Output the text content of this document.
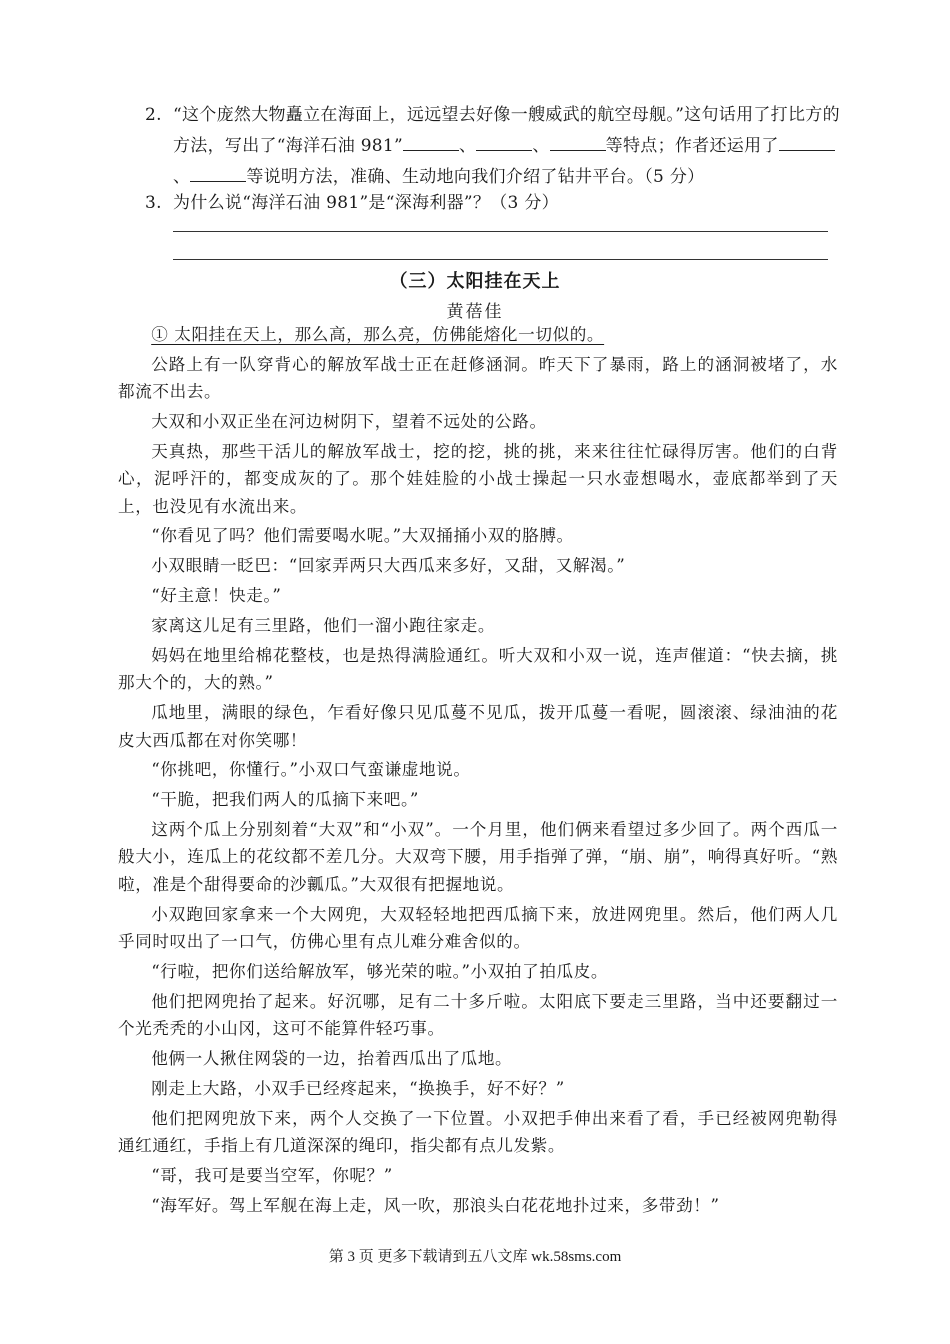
2. “这个庞然大物矗立在海面上，远远望去好像一艘威武的航空母舰。”这句话用了打比方的方法，写出了“海洋石油 981”	、	、	等特点；作者还运用了、	等说明方法，准确、生动地向我们介绍了钻井平台。（5 分）
3. 为什么说“海洋石油 981”是“深海利器”？（3 分）
（三）太阳挂在天上
黄蓓佳

① 太阳挂在天上，那么高，那么亮，仿佛能熔化一切似的。

公路上有一队穿背心的解放军战士正在赶修涵洞。昨天下了暴雨，路上的涵洞被堵了，水都流不出去。

大双和小双正坐在河边树阴下，望着不远处的公路。

天真热，那些干活儿的解放军战士，挖的挖，挑的挑，来来往往忙碌得厉害。他们的白背心，泥呼汗的，都变成灰的了。那个娃娃脸的小战士操起一只水壶想喝水，壶底都举到了天上，也没见有水流出来。

“你看见了吗？他们需要喝水呢。”大双捅捅小双的胳膊。

小双眼睛一眨巴：“回家弄两只大西瓜来多好，又甜，又解渴。”

“好主意！快走。”

家离这儿足有三里路，他们一溜小跑往家走。

妈妈在地里给棉花整枝，也是热得满脸通红。听大双和小双一说，连声催道：“快去摘，挑那大个的，大的熟。”

瓜地里，满眼的绿色，乍看好像只见瓜蔓不见瓜，拨开瓜蔓一看呢，圆滚滚、绿油油的花皮大西瓜都在对你笑哪！

“你挑吧，你懂行。”小双口气蛮谦虚地说。

“干脆，把我们两人的瓜摘下来吧。”

这两个瓜上分别刻着“大双”和“小双”。一个月里，他们俩来看望过多少回了。两个西瓜一般大小，连瓜上的花纹都不差几分。大双弯下腰，用手指弹了弹，“崩、崩”，响得真好听。“熟啦，准是个甜得要命的沙瓤瓜。”大双很有把握地说。

小双跑回家拿来一个大网兜，大双轻轻地把西瓜摘下来，放进网兜里。然后，他们两人几乎同时叹出了一口气，仿佛心里有点儿难分难舍似的。

“行啦，把你们送给解放军，够光荣的啦。”小双拍了拍瓜皮。

他们把网兜抬了起来。好沉哪，足有二十多斤啦。太阳底下要走三里路，当中还要翻过一个光秃秃的小山冈，这可不能算件轻巧事。

他俩一人揪住网袋的一边，抬着西瓜出了瓜地。

刚走上大路，小双手已经疼起来，“换换手，好不好？”

他们把网兜放下来，两个人交换了一下位置。小双把手伸出来看了看，手已经被网兜勒得通红通红，手指上有几道深深的绳印，指尖都有点儿发紫。

“哥，我可是要当空军，你呢？”

“海军好。驾上军舰在海上走，风一吹，那浪头白花花地扑过来，多带劲！”

第 3 页 更多下载请到五八文库 wk.58sms.com
